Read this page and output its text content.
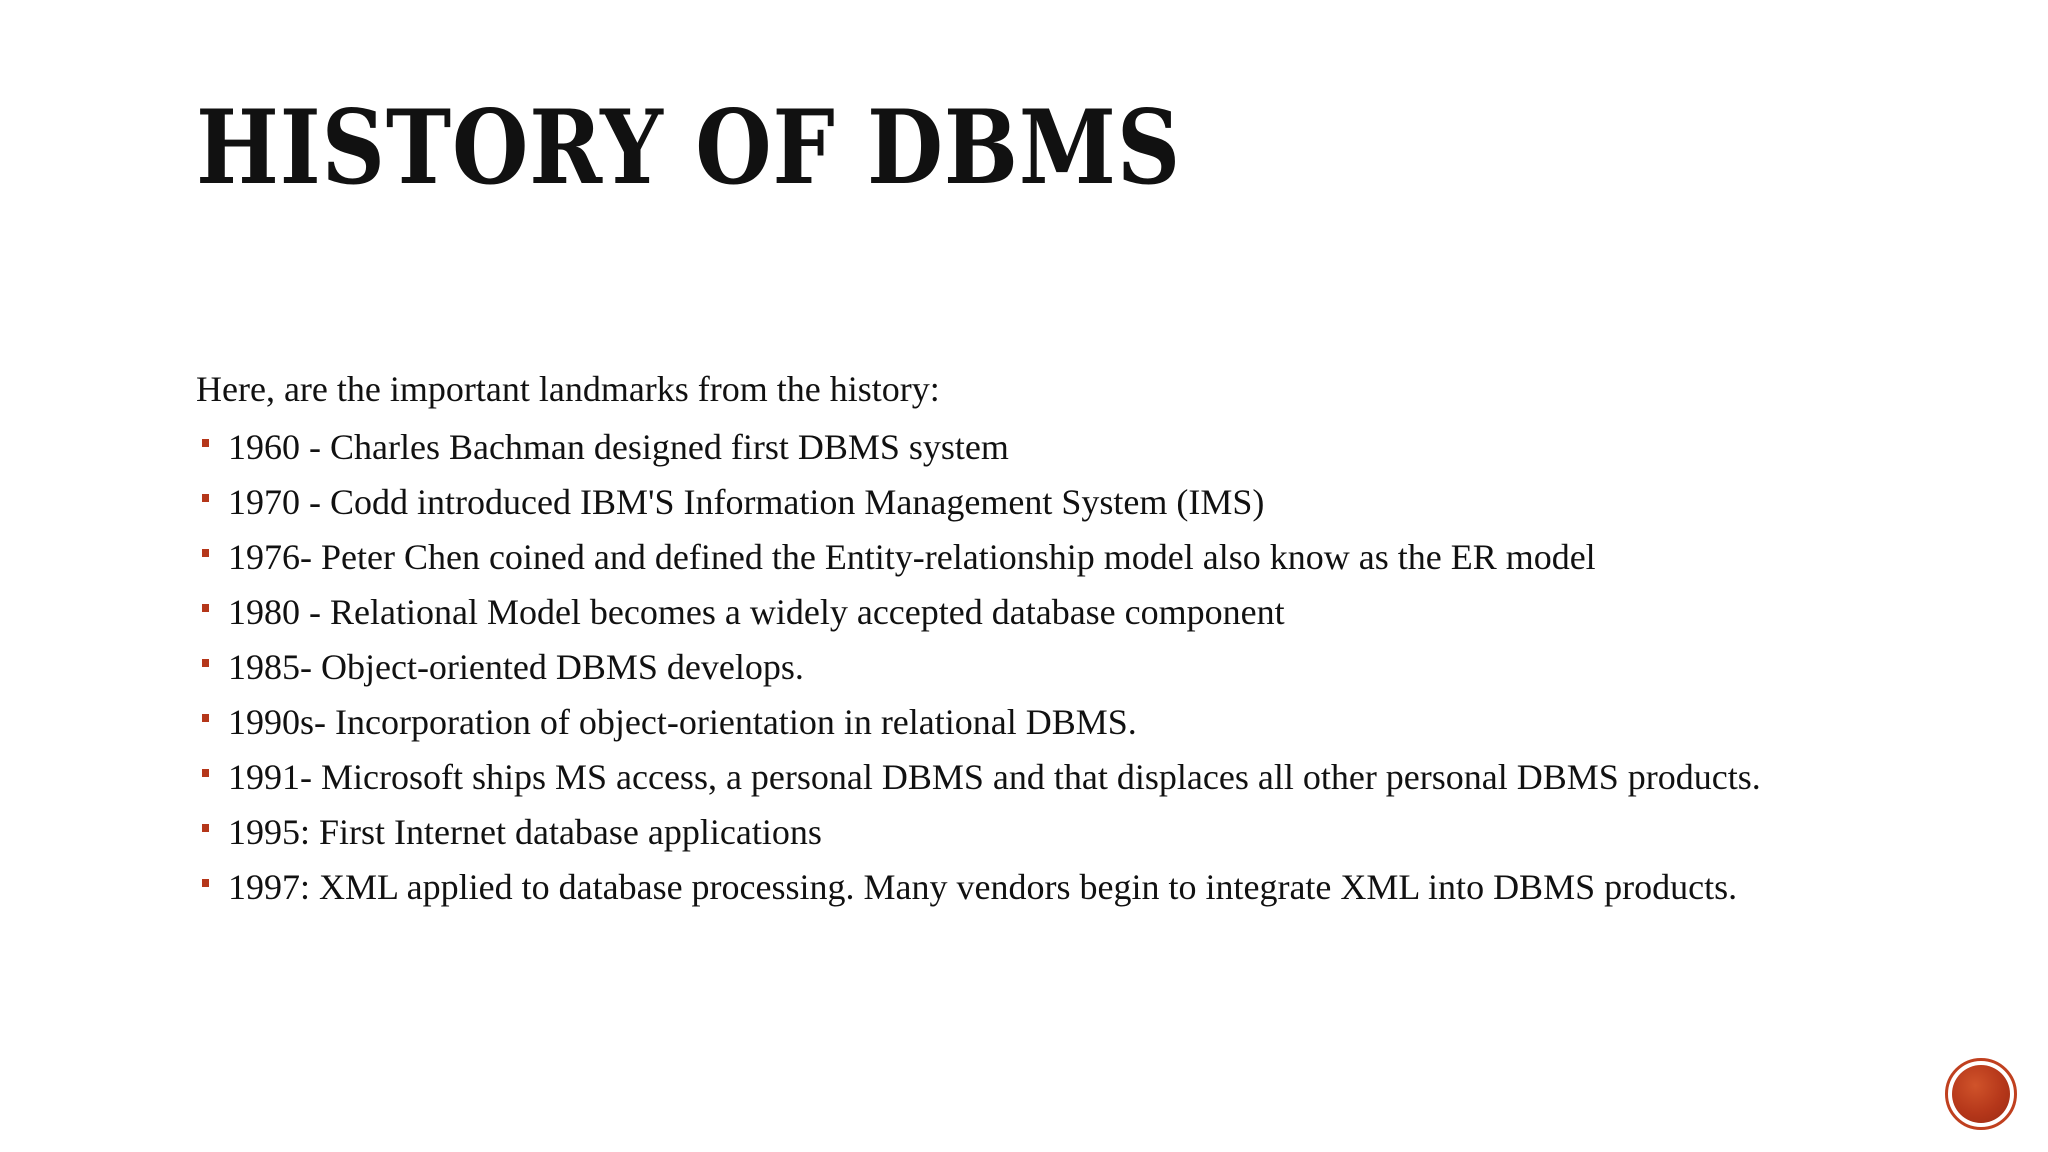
HISTORY OF DBMS

Here, are the important landmarks from the history:

1960 - Charles Bachman designed first DBMS system
1970 - Codd introduced IBM'S Information Management System (IMS)
1976- Peter Chen coined and defined the Entity-relationship model also know as the ER model
1980 - Relational Model becomes a widely accepted database component
1985- Object-oriented DBMS develops.
1990s- Incorporation of object-orientation in relational DBMS.
1991- Microsoft ships MS access, a personal DBMS and that displaces all other personal DBMS products.
1995: First Internet database applications
1997: XML applied to database processing. Many vendors begin to integrate XML into DBMS products.
